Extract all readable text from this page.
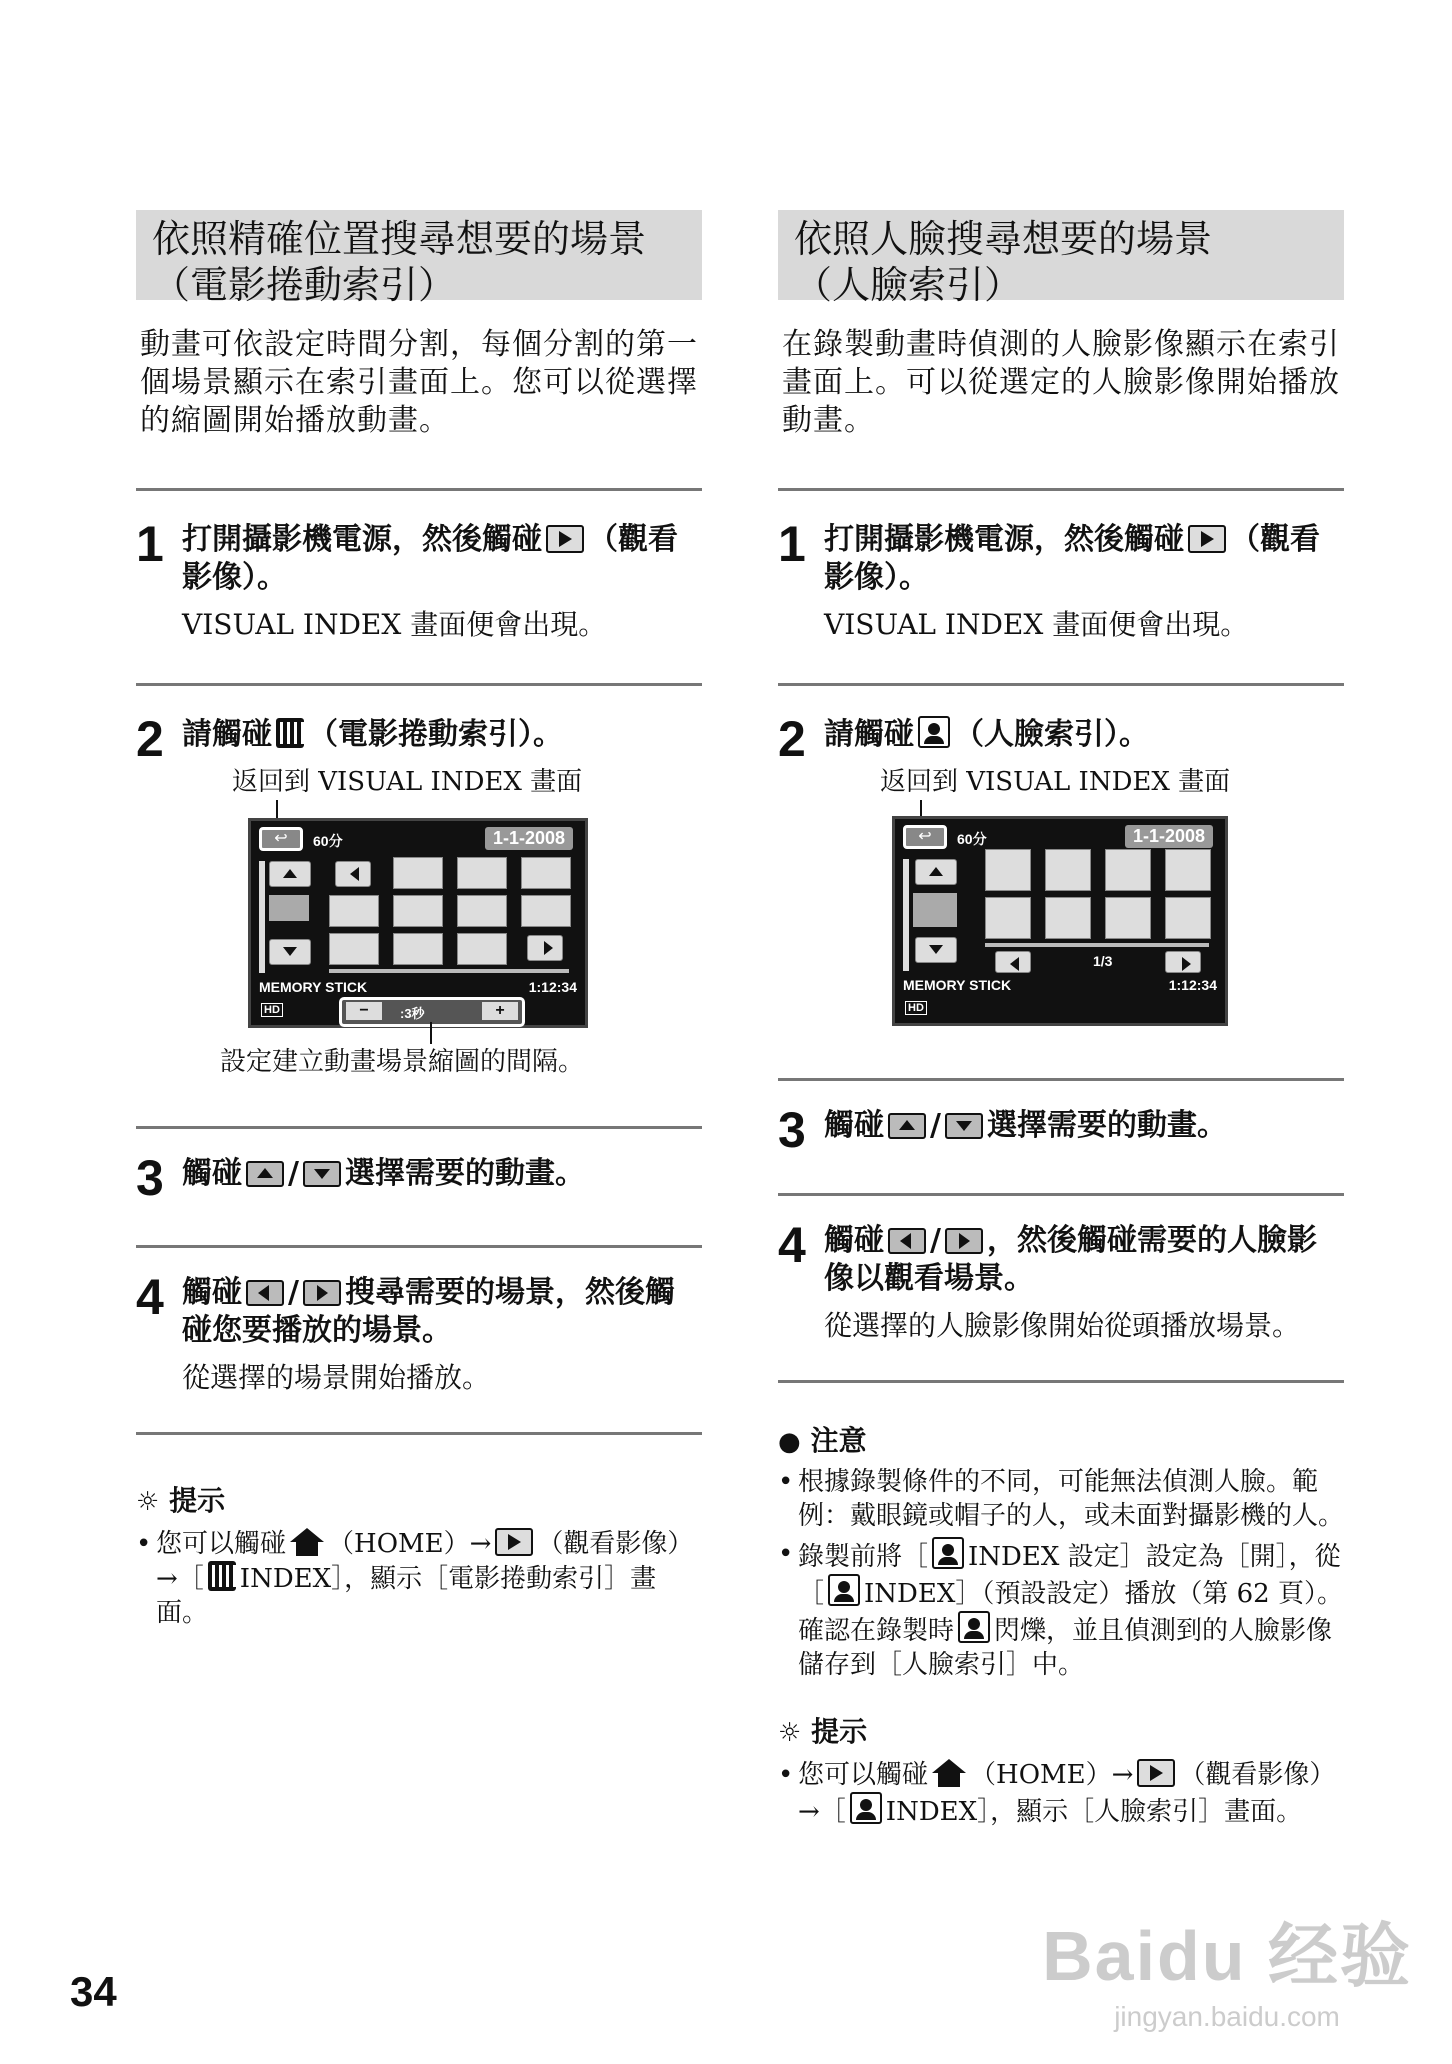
依照精確位置搜尋想要的場景
（電影捲動索引）
動畫可依設定時間分割，每個分割的第一個場景顯示在索引畫面上。您可以從選擇的縮圖開始播放動畫。
1 打開攝影機電源，然後觸碰 （觀看影像）。
VISUAL INDEX 畫面便會出現。
2 請觸碰 （電影捲動索引）。
返回到 VISUAL INDEX 畫面
↩	60分	1-1-2008
MEMORY STICK	1:12:34
HD	−	:3秒	+
設定建立動畫場景縮圖的間隔。
3 觸碰 / 選擇需要的動畫。
4 觸碰 / 搜尋需要的場景，然後觸碰您要播放的場景。
從選擇的場景開始播放。
☼ 提示
• 您可以觸碰 （HOME）→ （觀看影像）→［ INDEX］，顯示［電影捲動索引］畫面。
依照人臉搜尋想要的場景
（人臉索引）
在錄製動畫時偵測的人臉影像顯示在索引畫面上。可以從選定的人臉影像開始播放動畫。
1 打開攝影機電源，然後觸碰 （觀看影像）。
VISUAL INDEX 畫面便會出現。
2 請觸碰 （人臉索引）。
返回到 VISUAL INDEX 畫面
↩	60分	1-1-2008
1/3
MEMORY STICK	1:12:34
HD
3 觸碰 / 選擇需要的動畫。
4 觸碰 / ，然後觸碰需要的人臉影像以觀看場景。
從選擇的人臉影像開始從頭播放場景。
● 注意
• 根據錄製條件的不同，可能無法偵測人臉。範例：戴眼鏡或帽子的人，或未面對攝影機的人。
• 錄製前將［ INDEX 設定］設定為［開］，從［ INDEX］（預設設定）播放（第 62 頁）。確認在錄製時 閃爍，並且偵測到的人臉影像儲存到［人臉索引］中。
☼ 提示
• 您可以觸碰 （HOME）→ （觀看影像）→［ INDEX］，顯示［人臉索引］畫面。
34	Baidu 经验
jingyan.baidu.com
